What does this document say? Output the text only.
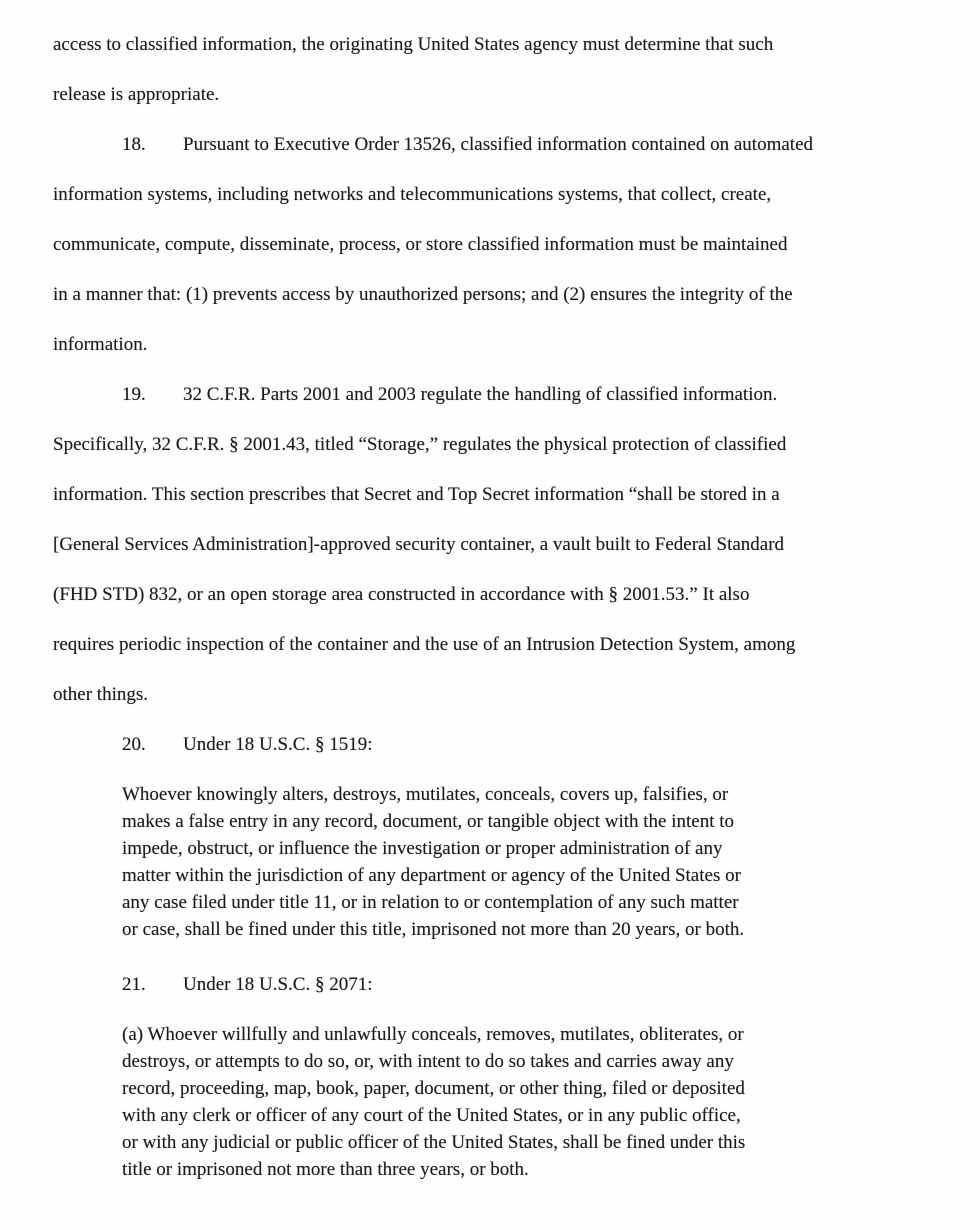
access to classified information, the originating United States agency must determine that such
release is appropriate.
18. Pursuant to Executive Order 13526, classified information contained on automated
information systems, including networks and telecommunications systems, that collect, create,
communicate, compute, disseminate, process, or store classified information must be maintained
in a manner that: (1) prevents access by unauthorized persons; and (2) ensures the integrity of the
information.
19. 32 C.F.R. Parts 2001 and 2003 regulate the handling of classified information.
Specifically, 32 C.F.R. § 2001.43, titled “Storage,” regulates the physical protection of classified
information. This section prescribes that Secret and Top Secret information “shall be stored in a
[General Services Administration]-approved security container, a vault built to Federal Standard
(FHD STD) 832, or an open storage area constructed in accordance with § 2001.53.” It also
requires periodic inspection of the container and the use of an Intrusion Detection System, among
other things.
20. Under 18 U.S.C. § 1519:
Whoever knowingly alters, destroys, mutilates, conceals, covers up, falsifies, or
makes a false entry in any record, document, or tangible object with the intent to
impede, obstruct, or influence the investigation or proper administration of any
matter within the jurisdiction of any department or agency of the United States or
any case filed under title 11, or in relation to or contemplation of any such matter
or case, shall be fined under this title, imprisoned not more than 20 years, or both.
21. Under 18 U.S.C. § 2071:
(a) Whoever willfully and unlawfully conceals, removes, mutilates, obliterates, or
destroys, or attempts to do so, or, with intent to do so takes and carries away any
record, proceeding, map, book, paper, document, or other thing, filed or deposited
with any clerk or officer of any court of the United States, or in any public office,
or with any judicial or public officer of the United States, shall be fined under this
title or imprisoned not more than three years, or both.
